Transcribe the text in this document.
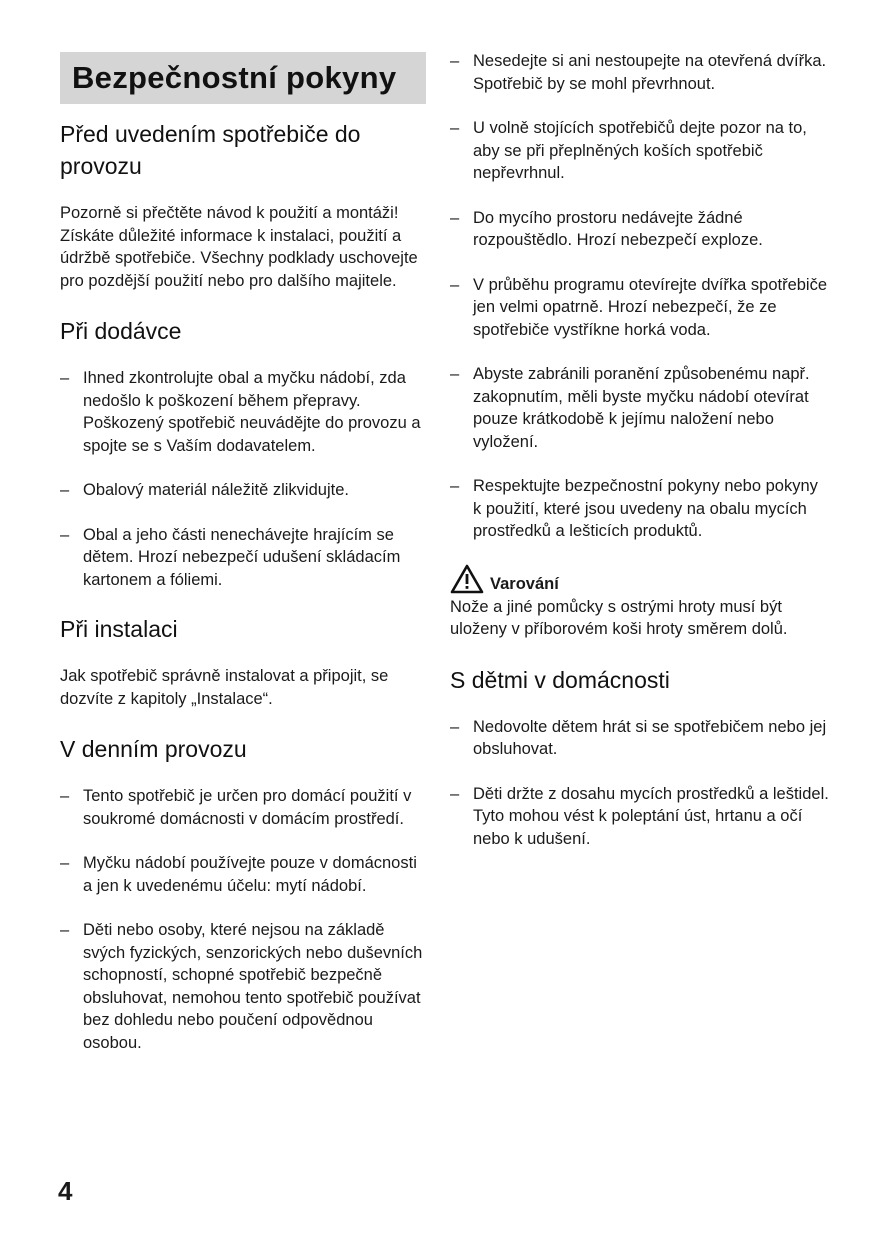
Bezpečnostní pokyny
Před uvedením spotřebiče do provozu

Pozorně si přečtěte návod k použití a montáži! Získáte důležité informace k instalaci, použití a údržbě spotřebiče. Všechny podklady uschovejte pro pozdější použití nebo pro dalšího majitele.

Při dodávce
– Ihned zkontrolujte obal a myčku nádobí, zda nedošlo k poškození během přepravy. Poškozený spotřebič neuvádějte do provozu a spojte se s Vaším dodavatelem.
– Obalový materiál náležitě zlikvidujte.
– Obal a jeho části nenechávejte hrajícím se dětem. Hrozí nebezpečí udušení skládacím kartonem a fóliemi.
Při instalaci

Jak spotřebič správně instalovat a připojit, se dozvíte z kapitoly „Instalace“.

V denním provozu
– Tento spotřebič je určen pro domácí použití v soukromé domácnosti v domácím prostředí.
– Myčku nádobí používejte pouze v domácnosti a jen k uvedenému účelu: mytí nádobí.
– Děti nebo osoby, které nejsou na základě svých fyzických, senzorických nebo duševních schopností, schopné spotřebič bezpečně obsluhovat, nemohou tento spotřebič používat bez dohledu nebo poučení odpovědnou osobou.
– Nesedejte si ani nestoupejte na otevřená dvířka. Spotřebič by se mohl převrhnout.
– U volně stojících spotřebičů dejte pozor na to, aby se při přeplněných koších spotřebič nepřevrhnul.
– Do mycího prostoru nedávejte žádné rozpouštědlo. Hrozí nebezpečí exploze.
– V průběhu programu otevírejte dvířka spotřebiče jen velmi opatrně. Hrozí nebezpečí, že ze spotřebiče vystříkne horká voda.
– Abyste zabránili poranění způsobenému např. zakopnutím, měli byste myčku nádobí otevírat pouze krátkodobě k jejímu naložení nebo vyložení.
– Respektujte bezpečnostní pokyny nebo pokyny k použití, které jsou uvedeny na obalu mycích prostředků a lešticích produktů.
Varování

Nože a jiné pomůcky s ostrými hroty musí být uloženy v příborovém koši hroty směrem dolů.

S dětmi v domácnosti
– Nedovolte dětem hrát si se spotřebičem nebo jej obsluhovat.
– Děti držte z dosahu mycích prostředků a leštidel. Tyto mohou vést k poleptání úst, hrtanu a očí nebo k udušení.
4
